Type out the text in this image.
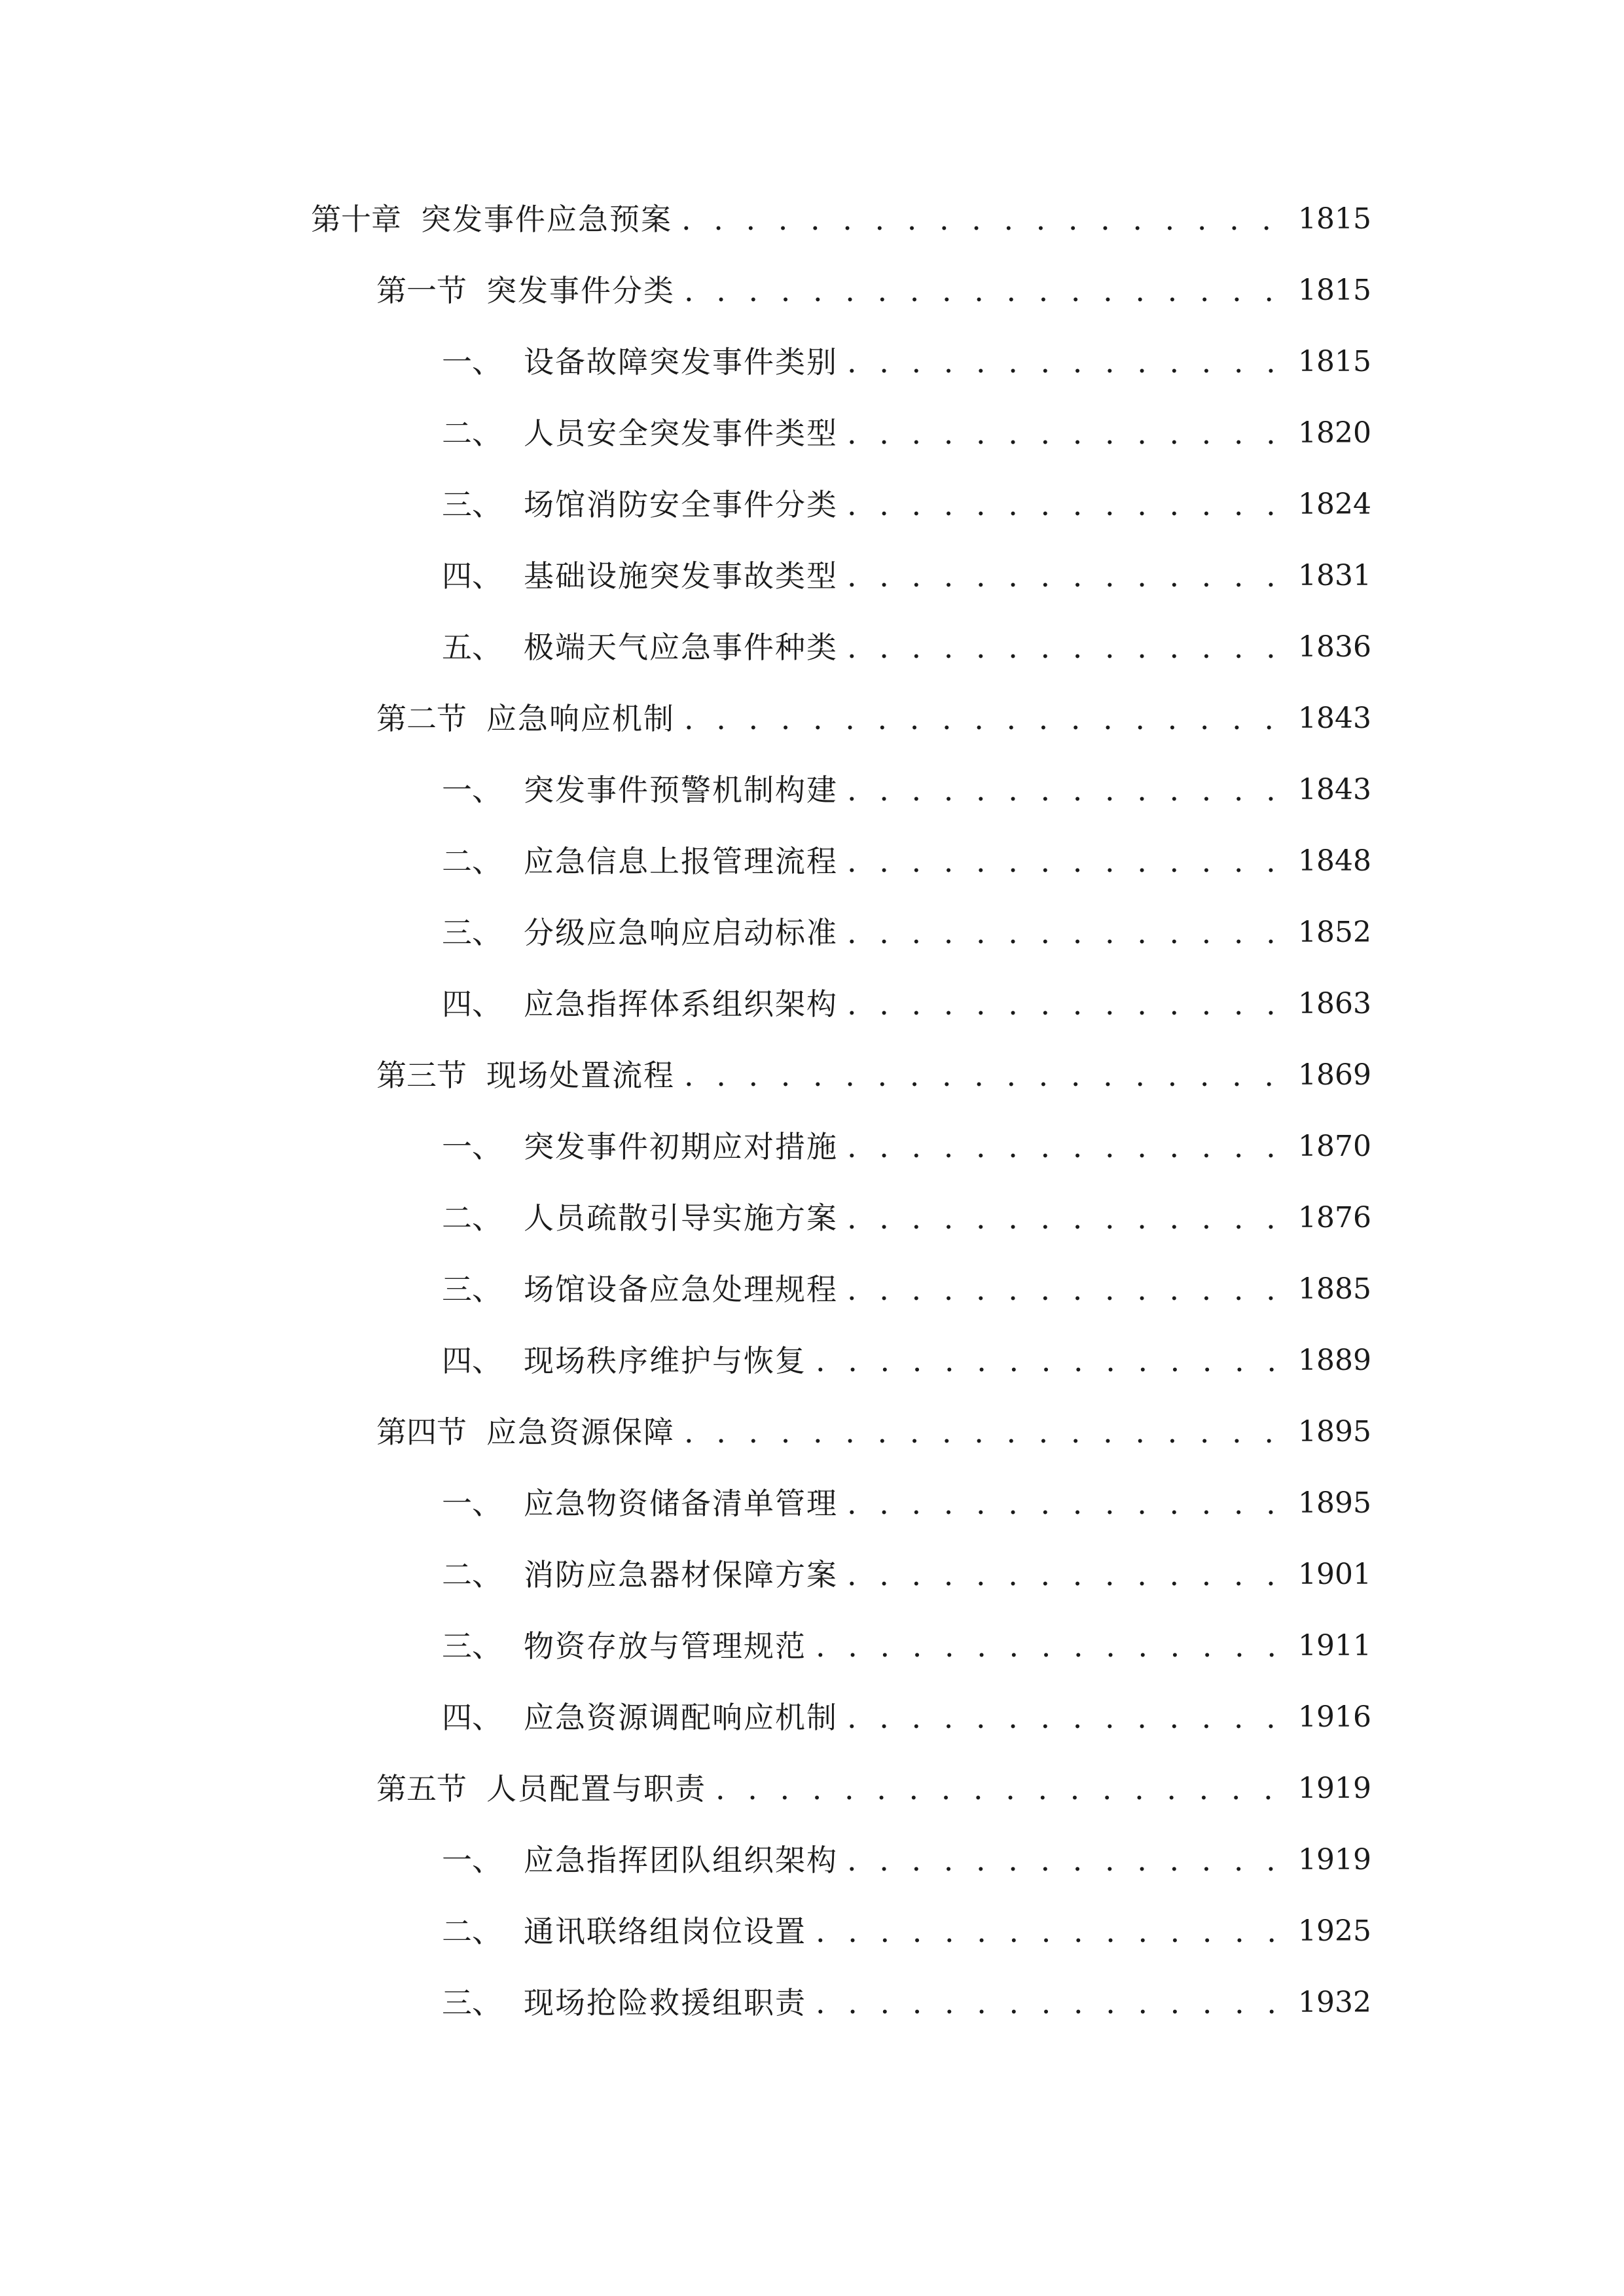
第十章 突发事件应急预案 . . .	1815
第一节 突发事件分类 . . .	1815
一、 设备故障突发事件类别 . . .	1815
二、 人员安全突发事件类型 . . .	1820
三、 场馆消防安全事件分类 . . .	1824
四、 基础设施突发事故类型 . . .	1831
五、 极端天气应急事件种类 . . .	1836
第二节 应急响应机制 . . .	1843
一、 突发事件预警机制构建 . . .	1843
二、 应急信息上报管理流程 . . .	1848
三、 分级应急响应启动标准 . . .	1852
四、 应急指挥体系组织架构 . . .	1863
第三节 现场处置流程 . . .	1869
一、 突发事件初期应对措施 . . .	1870
二、 人员疏散引导实施方案 . . .	1876
三、 场馆设备应急处理规程 . . .	1885
四、 现场秩序维护与恢复 . . .	1889
第四节 应急资源保障 . . .	1895
一、 应急物资储备清单管理 . . .	1895
二、 消防应急器材保障方案 . . .	1901
三、 物资存放与管理规范 . . .	1911
四、 应急资源调配响应机制 . . .	1916
第五节 人员配置与职责 . . .	1919
一、 应急指挥团队组织架构 . . .	1919
二、 通讯联络组岗位设置 . . .	1925
三、 现场抢险救援组职责 . . .	1932
